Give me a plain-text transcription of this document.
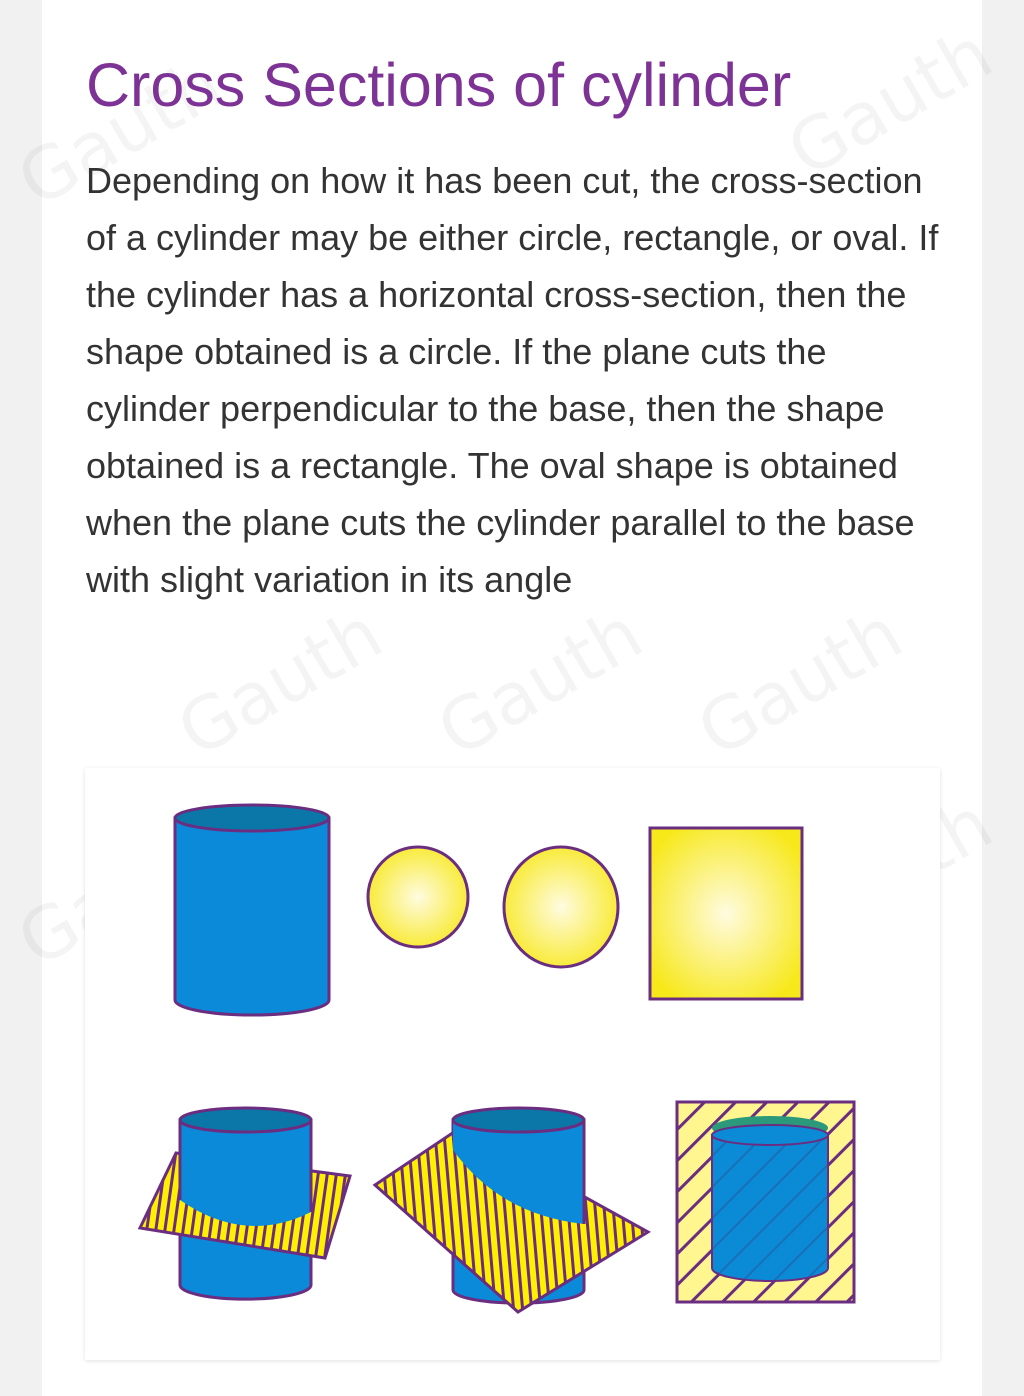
Cross Sections of cylinder

Depending on how it has been cut, the cross-section of a cylinder may be either circle, rectangle, or oval. If the cylinder has a horizontal cross-section, then the shape obtained is a circle. If the plane cuts the cylinder perpendicular to the base, then the shape obtained is a rectangle. The oval shape is obtained when the plane cuts the cylinder parallel to the base with slight variation in its angle
